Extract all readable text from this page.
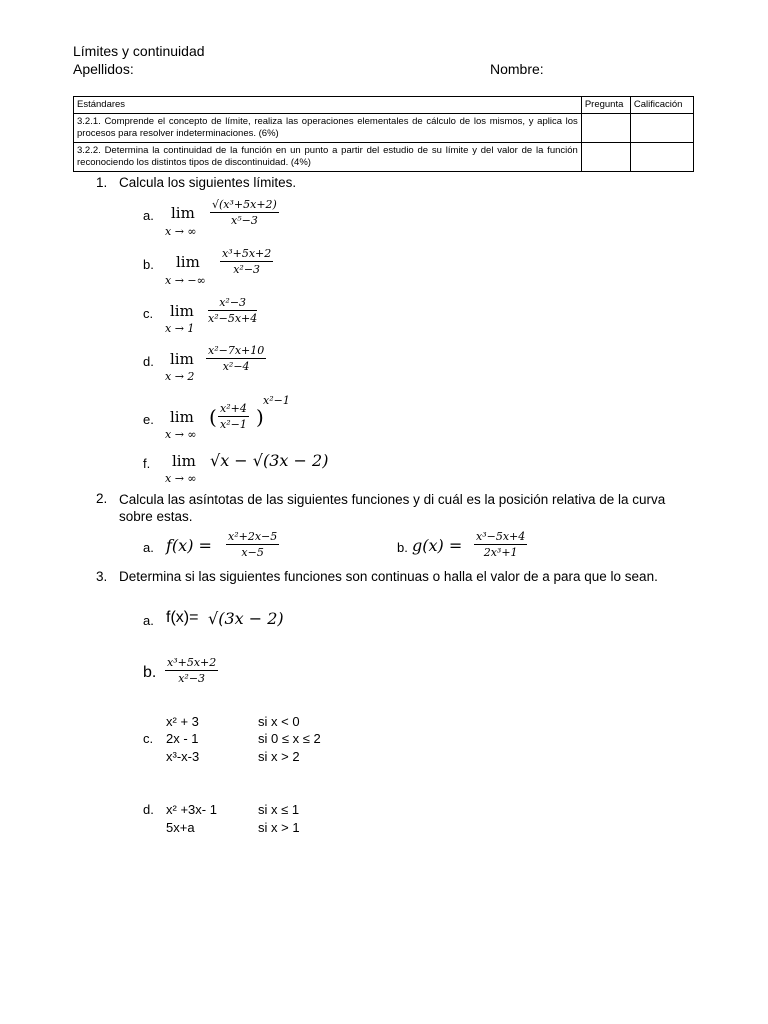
Límites y continuidad
Apellidos:	Nombre:
Estándares	Pregunta	Calificación
3.2.1. Comprende el concepto de límite, realiza las operaciones elementales de cálculo de los mismos, y aplica los procesos para resolver indeterminaciones. (6%)		
3.2.2. Determina la continuidad de la función en un punto a partir del estudio de su límite y del valor de la función reconociendo los distintos tipos de discontinuidad. (4%)		
1. Calcula los siguientes límites.
a. lim
x → ∞
$\frac{\text{√(x³+5x+2)}}{\text{x⁵−3}}$
b. lim
x → −∞
$\frac{\text{x³+5x+2}}{\text{x²−3}}$
c. lim
x → 1
$\frac{\text{x²−3}}{\text{x²−5x+4}}$
d. lim
x → 2
$\frac{\text{x²−7x+10}}{\text{x²−4}}$
e. lim
x → ∞
( $\frac{\text{x²+4}}{\text{x²−1}}$ )
x²−1
f. lim
x → ∞
√x − √(3x − 2)
2. Calcula las asíntotas de las siguientes funciones y di cuál es la posición relativa de la curva sobre estas.
a. $f(x) = \frac{\text{x²+2x−5}}{x-5}$	b. $g(x) = \frac{\text{x³−5x+4}}{\text{2x³+1}}$
3. Determina si las siguientes funciones son continuas o halla el valor de a para que lo sean.
a. f(x)= √(3x − 2)
b. $\frac{\text{x³+5x+2}}{\text{x²−3}}$
c.
x² + 3	si x < 0
2x - 1	si 0 ≤ x ≤ 2
x³-x-3	si x > 2
d. x² +3x- 1	si x ≤ 1
5x+a	si x > 1
